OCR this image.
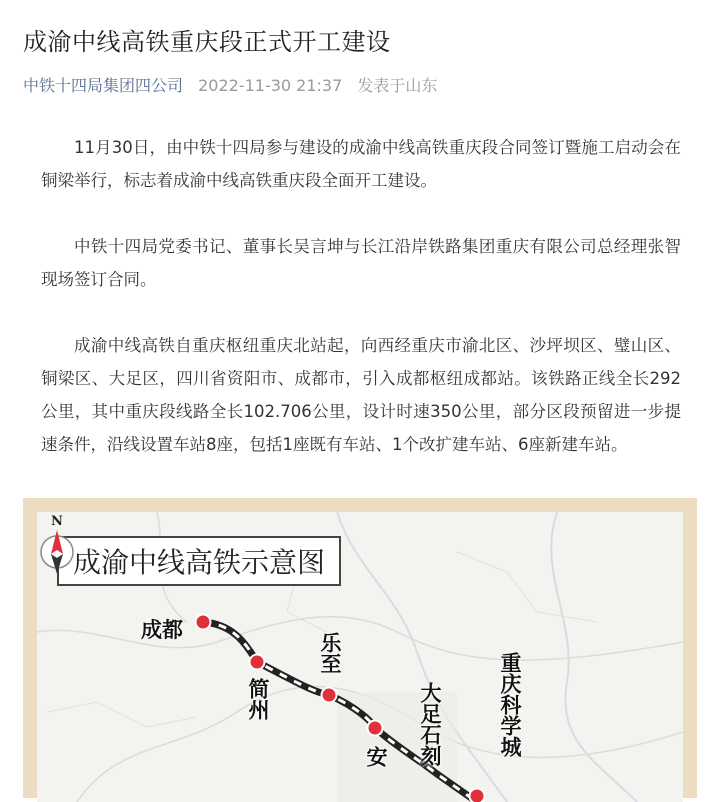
成渝中线高铁重庆段正式开工建设
中铁十四局集团四公司 2022-11-30 21:37 发表于山东

11月30日，由中铁十四局参与建设的成渝中线高铁重庆段合同签订暨施工启动会在铜梁举行，标志着成渝中线高铁重庆段全面开工建设。

中铁十四局党委书记、董事长吴言坤与长江沿岸铁路集团重庆有限公司总经理张智现场签订合同。

成渝中线高铁自重庆枢纽重庆北站起，向西经重庆市渝北区、沙坪坝区、璧山区、铜梁区、大足区，四川省资阳市、成都市，引入成都枢纽成都站。该铁路正线全长292公里，其中重庆段线路全长102.706公里，设计时速350公里，部分区段预留进一步提速条件，沿线设置车站8座，包括1座既有车站、1个改扩建车站、6座新建车站。

成渝中线高铁示意图
N
成都
简州
乐至
大足石刻
安	重庆科学城
